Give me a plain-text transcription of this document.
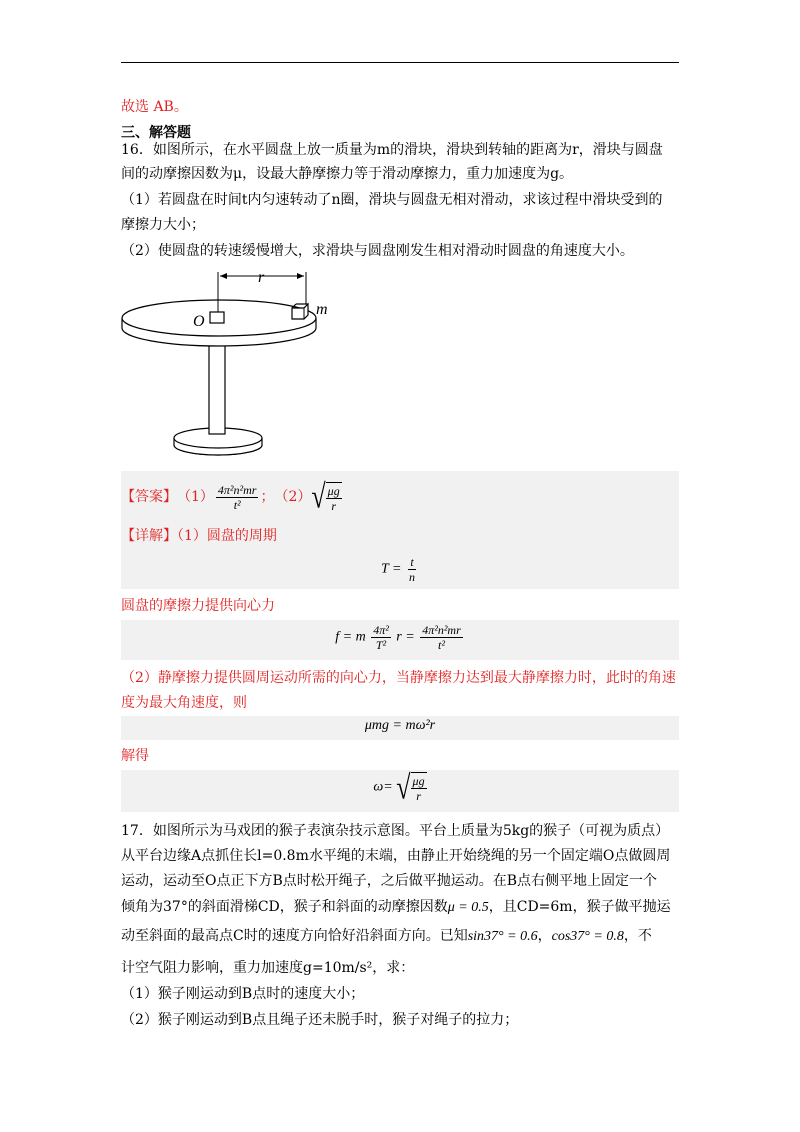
故选 AB。
三、解答题
16．如图所示，在水平圆盘上放一质量为m的滑块，滑块到转轴的距离为r，滑块与圆盘
间的动摩擦因数为μ，设最大静摩擦力等于滑动摩擦力，重力加速度为g。
（1）若圆盘在时间t内匀速转动了n圈，滑块与圆盘无相对滑动，求该过程中滑块受到的
摩擦力大小；
（2）使圆盘的转速缓慢增大，求滑块与圆盘刚发生相对滑动时圆盘的角速度大小。
r
m
O
【答案】 $(1) \frac{\text{4π²n²mr}}{\text{t²}}$ ； （2） √ $\frac{\mu g}{r}$
【详解】（1）圆盘的周期
$T = \frac{t}{n}$
圆盘的摩擦力提供向心力
f = m $\frac{\text{4π²}}{\text{T²}}$ $r = \frac{\text{4π²n²mr}}{\text{t²}}$
（2）静摩擦力提供圆周运动所需的向心力，当静摩擦力达到最大静摩擦力时，此时的角速
度为最大角速度，则
μmg = mω²r
解得
ω= √ $\frac{\mu g}{r}$
17．如图所示为马戏团的猴子表演杂技示意图。平台上质量为5kg的猴子（可视为质点）
从平台边缘A点抓住长l=0.8m水平绳的末端，由静止开始绕绳的另一个固定端O点做圆周
运动，运动至O点正下方B点时松开绳子，之后做平抛运动。在B点右侧平地上固定一个
倾角为37°的斜面滑梯CD，猴子和斜面的动摩擦因数μ = 0.5，且CD=6m，猴子做平抛运
动至斜面的最高点C时的速度方向恰好沿斜面方向。已知sin37° = 0.6，cos37° = 0.8，不
计空气阻力影响，重力加速度g=10m/s²，求：
（1）猴子刚运动到B点时的速度大小；
（2）猴子刚运动到B点且绳子还未脱手时，猴子对绳子的拉力；
